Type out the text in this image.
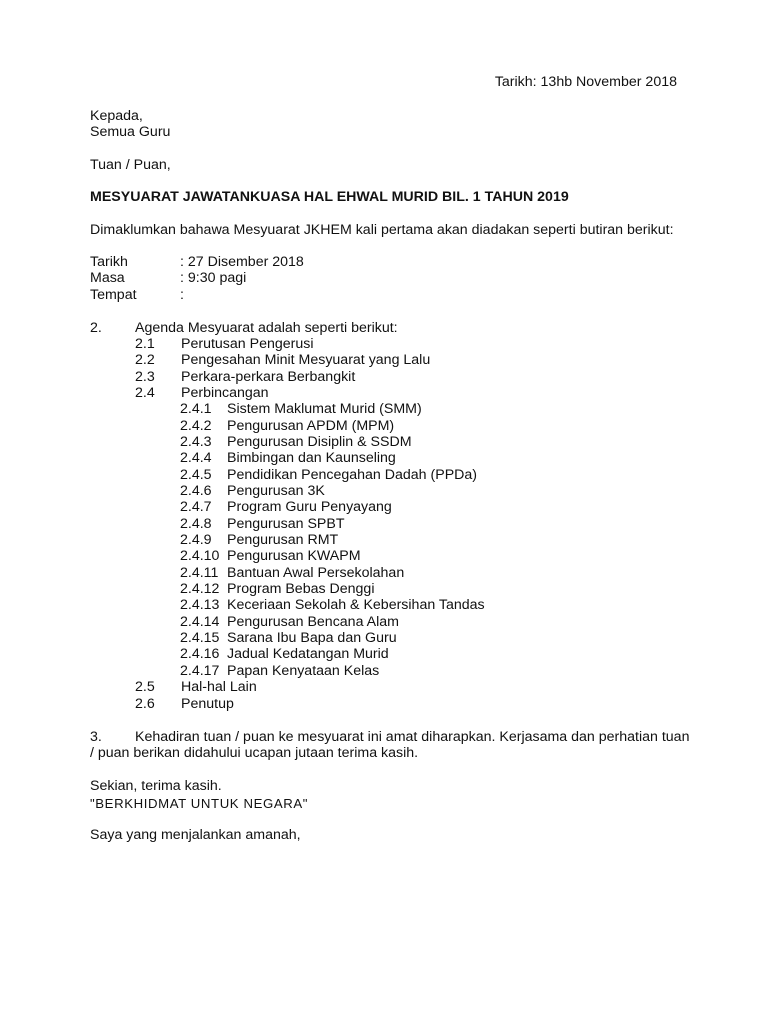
Tarikh: 13hb November 2018
Kepada,
Semua Guru
Tuan / Puan,
MESYUARAT JAWATANKUASA HAL EHWAL MURID BIL. 1 TAHUN 2019
Dimaklumkan bahawa Mesyuarat JKHEM kali pertama akan diadakan seperti butiran berikut:
Tarikh	: 27 Disember 2018
Masa	: 9:30 pagi
Tempat	:
2. Agenda Mesyuarat adalah seperti berikut:
2.1 Perutusan Pengerusi
2.2 Pengesahan Minit Mesyuarat yang Lalu
2.3 Perkara-perkara Berbangkit
2.4 Perbincangan
2.4.1 Sistem Maklumat Murid (SMM)
2.4.2 Pengurusan APDM (MPM)
2.4.3 Pengurusan Disiplin & SSDM
2.4.4 Bimbingan dan Kaunseling
2.4.5 Pendidikan Pencegahan Dadah (PPDa)
2.4.6 Pengurusan 3K
2.4.7 Program Guru Penyayang
2.4.8 Pengurusan SPBT
2.4.9 Pengurusan RMT
2.4.10 Pengurusan KWAPM
2.4.11 Bantuan Awal Persekolahan
2.4.12 Program Bebas Denggi
2.4.13 Keceriaan Sekolah & Kebersihan Tandas
2.4.14 Pengurusan Bencana Alam
2.4.15 Sarana Ibu Bapa dan Guru
2.4.16 Jadual Kedatangan Murid
2.4.17 Papan Kenyataan Kelas
2.5 Hal-hal Lain
2.6 Penutup
3. Kehadiran tuan / puan ke mesyuarat ini amat diharapkan. Kerjasama dan perhatian tuan
/ puan berikan didahului ucapan jutaan terima kasih.
Sekian, terima kasih.
"BERKHIDMAT UNTUK NEGARA"
Saya yang menjalankan amanah,
